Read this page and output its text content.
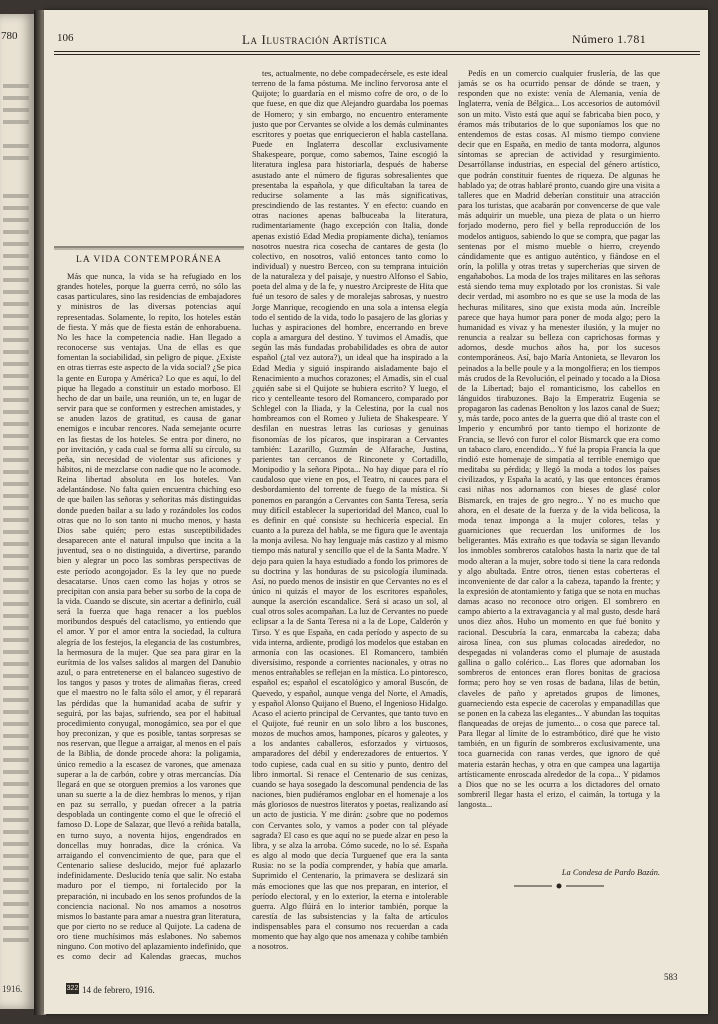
780
1916.
106	La Ilustración Artística	Número 1.781
LA VIDA CONTEMPORÁNEA

Más que nunca, la vida se ha refugiado en los grandes hoteles, porque la guerra cerró, no sólo las casas particulares, sino las residencias de embajadores y ministros de las diversas potencias aquí representadas. Solamente, lo repito, los hoteles están de fiesta. Y más que de fiesta están de enhorabuena. No les hace la competencia nadie. Han llegado a reconocerse sus ventajas. Una de ellas es que fomentan la sociabilidad, sin peligro de pique. ¿Existe en otras tierras este aspecto de la vida social? ¿Se pica la gente en Europa y América? Lo que es aquí, lo del pique ha llegado a constituir un estado morboso. El hecho de dar un baile, una reunión, un te, en lugar de servir para que se conformen y estrechen amistades, y se anuden lazos de gratitud, es causa de ganar enemigos e incubar rencores. Nada semejante ocurre en las fiestas de los hoteles. Se entra por dinero, no por invitación, y cada cual se forma allí su círculo, su peña, sin necesidad de violentar sus aficiones y hábitos, ni de mezclarse con nadie que no le acomode. Reina libertad absoluta en los hoteles. Van adelantándose. No falta quien encuentra chiching eso de que bailen las señoras y señoritas más distinguidas donde pueden bailar a su lado y rozándoles los codos otras que no lo son tanto ni mucho menos, y hasta Dios sabe quién; pero estas susceptibilidades desaparecen ante el natural impulso que incita a la juventud, sea o no distinguida, a divertirse, parando bien y alegrar un poco las sombras perspectivas de este período acongojador. Es la ley que no puede desacatarse. Unos caen como las hojas y otros se precipitan con ansia para beber su sorbo de la copa de la vida. Cuando se discute, sin acertar a definirlo, cuál será la fuerza que haga renacer a los pueblos moribundos después del cataclismo, yo entiendo que el amor. Y por el amor entra la sociedad, la cultura alegría de los festejos, la elegancia de las costumbres, la hermosura de la mujer. Que sea para girar en la eurítmia de los valses salidos al margen del Danubio azul, o para entretenerse en el balanceo sugestivo de los tangos y pasos y trotes de alimañas fieras, creed que el maestro no le falta sólo el amor, y él reparará las pérdidas que la humanidad acaba de sufrir y seguirá, por las bajas, sufriendo, sea por el habitual procedimiento conyugal, monogámico, sea por el que hoy preconizan, y que es posible, tantas sorpresas se nos reservan, que llegue a arraigar, al menos en el país de la Biblia, de donde procede ahora: la poligamia, único remedio a la escasez de varones, que amenaza superar a la de carbón, cobre y otras mercancías. Día llegará en que se otorguen premios a los varones que unan su suerte a la de diez hembras lo menos, y rijan en paz su serrallo, y puedan ofrecer a la patria despoblada un contingente como el que le ofreció el famoso D. Lope de Salazar, que llevó a reñida batalla, en turno suyo, a noventa hijos, engendrados en doncellas muy honradas, dice la crónica. Va arraigando el convencimiento de que, para que el Centenario saliese deslucido, mejor fué aplazarlo indefinidamente. Deslucido tenía que salir. No estaba maduro por el tiempo, ni fortalecido por la preparación, ni incubado en los senos profundos de la conciencia nacional. No nos amamos a nosotros mismos lo bastante para amar a nuestra gran literatura, que por cierto no se reduce al Quijote. La cadena de oro tiene muchísimos más eslabones. No sabemos ninguno. Con motivo del aplazamiento indefinido, que es como decir ad Kalendas graecas, muchos

tes, actualmente, no debe compadecérsele, es este ideal terreno de la fama póstuma. Me inclino fervorosa ante el Quijote; lo guardaría en el mismo cofre de oro, o de lo que fuese, en que diz que Alejandro guardaba los poemas de Homero; y sin embargo, no encuentro enteramente justo que por Cervantes se olvide a los demás culminantes escritores y poetas que enriquecieron el habla castellana. Puede en Inglaterra descollar exclusivamente Shakespeare, porque, como sabemos, Taine escogió la literatura inglesa para historiarla, después de haberse asustado ante el número de figuras sobresalientes que presentaba la española, y que dificultaban la tarea de reducirse solamente a las más significativas, prescindiendo de las restantes. Y en efecto: cuando en otras naciones apenas balbuceaba la literatura, rudimentariamente (hago excepción con Italia, donde apenas existió Edad Media propiamente dicha), teníamos nosotros nuestra rica cosecha de cantares de gesta (lo colectivo, en nosotros, valió entonces tanto como lo individual) y nuestro Berceo, con su temprana intuición de la naturaleza y del paisaje, y nuestro Alfonso el Sabio, poeta del alma y de la fe, y nuestro Arcipreste de Hita que fué un tesoro de sales y de moralejas sabrosas, y nuestro Jorge Manrique, recogiendo en una sola a intensa elegía todo el sentido de la vida, todo lo pasajero de las glorias y luchas y aspiraciones del hombre, encerrando en breve copla a amargura del destino. Y tuvimos el Amadís, que según las más fundadas probabilidades es obra de autor español (¿tal vez autora?), un ideal que ha inspirado a la Edad Media y siguió inspirando aisladamente bajo el Renacimiento a muchos corazones; el Amadís, sin el cual ¿quién sabe si el Quijote se hubiera escrito? Y luego, el rico y centelleante tesoro del Romancero, comparado por Schlegel con la Iliada, y la Celestina, por la cual nos hombreamos con el Romeo y Julieta de Shakespeare. Y desfilan en nuestras letras las curiosas y genuinas fisonomías de los pícaros, que inspiraran a Cervantes también: Lazarillo, Guzmán de Alfarache, Justina, parientes tan cercanos de Rinconete y Cortadillo, Monipodio y la señora Pipota... No hay dique para el río caudaloso que viene en pos, el Teatro, ni cauces para el desbordamiento del torrente de fuego de la mística. Si ponemos en parangón a Cervantes con Santa Teresa, sería muy difícil establecer la superioridad del Manco, cual lo es definir en qué consiste su hechicería especial. En cuanto a la pureza del habla, se me figura que le aventaja la monja avilesa. No hay lenguaje más castizo y al mismo tiempo más natural y sencillo que el de la Santa Madre. Y dejo para quien la haya estudiado a fondo los primores de su doctrina y las honduras de su psicología iluminada. Así, no puedo menos de insistir en que Cervantes no es el único ni quizás el mayor de los escritores españoles, aunque la aserción escandalice. Será si acaso un sol, al cual otros soles acompañan. La luz de Cervantes no puede eclipsar a la de Santa Teresa ni a la de Lope, Calderón y Tirso. Y es que España, en cada período y aspecto de su vida interna, ardiente, prodigó los modelos que estaban en armonía con las ocasiones. El Romancero, también diversísimo, responde a corrientes nacionales, y otras no menos entrañables se reflejan en la mística. Lo pintoresco, español es; español el escatológico y amoral Buscón, de Quevedo, y español, aunque venga del Norte, el Amadís, y español Alonso Quijano el Bueno, el Ingenioso Hidalgo. Acaso el acierto principal de Cervantes, que tanto tuvo en el Quijote, fué reunir en un solo libro a los buscones, mozos de muchos amos, hampones, pícaros y galeotes, y a los andantes caballeros, esforzados y virtuosos, amparadores del débil y enderezadores de entuertos. Y todo cupiese, cada cual en su sitio y punto, dentro del libro inmortal. Si renace el Centenario de sus cenizas, cuando se haya sosegado la descomunal pendencia de las naciones, bien pudiéramos englobar en el homenaje a los más gloriosos de nuestros literatos y poetas, realizando así un acto de justicia. Y me dirán: ¿sobre que no podemos con Cervantes solo, y vamos a poder con tal pléyade sagrada? El caso es que aquí no se puede alzar en peso la libra, y se alza la arroba. Cómo sucede, no lo sé. España es algo al modo que decía Turguenef que era la santa Rusia: no se la podía comprender, y había que amarla. Suprimido el Centenario, la primavera se deslizará sin más emociones que las que nos preparan, en interior, el período electoral, y en lo exterior, la eterna e intolerable guerra. Algo flúirá en lo interior también, porque la carestía de las subsistencias y la falta de artículos indispensables para el consumo nos recuerdan a cada momento que hay algo que nos amenaza y cohíbe también a nosotros.

Pedís en un comercio cualquier fruslería, de las que jamás se os ha ocurrido pensar de dónde se traen, y responden que no existe: venía de Alemania, venía de Inglaterra, venía de Bélgica... Los accesorios de automóvil son un mito. Visto está que aquí se fabricaba bien poco, y éramos más tributarios de lo que suponíamos los que no entendemos de estas cosas. Al mismo tiempo conviene decir que en España, en medio de tanta modorra, algunos síntomas se aprecian de actividad y resurgimiento. Desarróllanse industrias, en especial del género artístico, que podrán constituir fuentes de riqueza. De algunas he hablado ya; de otras hablaré pronto, cuando gire una visita a talleres que en Madrid deberían constituir una atracción para los turistas, que acabarán por convencerse de que vale más adquirir un mueble, una pieza de plata o un hierro forjado moderno, pero fiel y bella reproducción de los modelos antiguos, sabiendo lo que se compra, que pagar las sentenas por el mismo mueble o hierro, creyendo cándidamente que es antiguo auténtico, y fiándose en el orín, la polilla y otras tretas y supercherías que sirven de engañabobos. La moda de los trajes militares en las señoras está siendo tema muy explotado por los cronistas. Si vale decir verdad, mi asombro no es que se use la moda de las hechuras militares, sino que exista moda aún. Increíble parece que haya humor para poner de moda algo; pero la humanidad es vivaz y ha menester ilusión, y la mujer no renuncia a realzar su belleza con caprichosas formas y adornos, desde muchos años ha, por los sucesos contemporáneos. Así, bajo María Antonieta, se llevaron los peinados a la belle poule y a la mongolfiera; en los tiempos más crudos de la Revolución, el peinado y tocado a la Diosa de la Libertad; bajo el romanticismo, los cabellos en lánguidos tirabuzones. Bajo la Emperatriz Eugenia se propagaron las cadenas Benolton y los lazos canal de Suez; y, más tarde, poco antes de la guerra que dió al traste con el Imperio y encumbró por tanto tiempo el horizonte de Francia, se llevó con furor el color Bismarck que era como un tabaco claro, encendido... Y fué la propia Francia la que rindió este homenaje de simpatía al terrible enemigo que meditaba su pérdida; y llegó la moda a todos los países civilizados, y España la acató, y las que entonces éramos casi niñas nos adornamos con bieses de glasé color Bismarck, en trajes de gro negro... Y no es mucho que ahora, en el desate de la fuerza y de la vida belicosa, la moda tenaz imponga a la mujer colores, telas y guarniciones que recuerdan los uniformes de los beligerantes. Más extraño es que todavía se sigan llevando los inmobles sombreros catalobos hasta la nariz que de tal modo alteran a la mujer, sobre todo si tiene la cara redonda y algo abultada. Entre otros, tienen estas coberteras el inconveniente de dar calor a la cabeza, tapando la frente; y la expresión de atontamiento y fatiga que se nota en muchas damas acaso no reconoce otro origen. El sombrero en campo abierto a la extravagancia y al mal gusto, desde hará unos diez años. Hubo un momento en que fué bonito y racional. Descubría la cara, enmarcaba la cabeza; daba airosa línea, con sus plumas colocadas airededor, no despegadas ni volanderas como el plumaje de asustada gallina o gallo colérico... Las flores que adornaban los sombreros de entonces eran flores bonitas de graciosa forma; pero hoy se ven rosas de badana, lilas de betún, claveles de paño y apretados grupos de limones, guarneciendo esta especie de cacerolas y empanadillas que se ponen en la cabeza las elegantes... Y abundan las toquitas flanqueadas de orejas de jumento... o cosa que parece tal. Para llegar al límite de lo estrambótico, diré que he visto también, en un figurín de sombreros exclusivamente, una toca guarnecida con ranas verdes, que ignoro de qué materia estarán hechas, y otra en que campea una lagartija artísticamente enroscada alrededor de la copa... Y pidamos a Dios que no se les ocurra a los dictadores del ornato sombreril llegar hasta el erizo, el caimán, la tortuga y la langosta...

La Condesa de Pardo Bazán.
322 14 de febrero, 1916.
583
